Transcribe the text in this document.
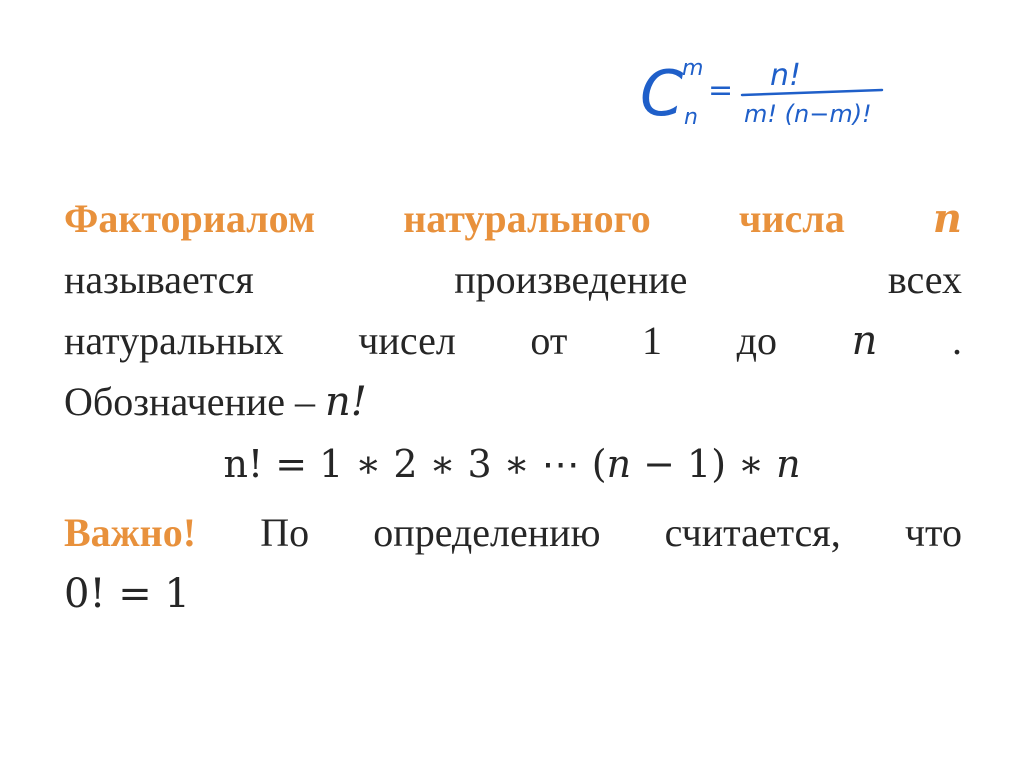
C
m
n
= n!
m! (n−m)!
Факториалом натурального числа n
называется	произведение	всех
натуральных чисел от 1 до n .
Обозначение – n!
n! = 1 ∗ 2 ∗ 3 ∗ ⋯ (n − 1) ∗ n
Важно! По определению считается, что
0! = 1
